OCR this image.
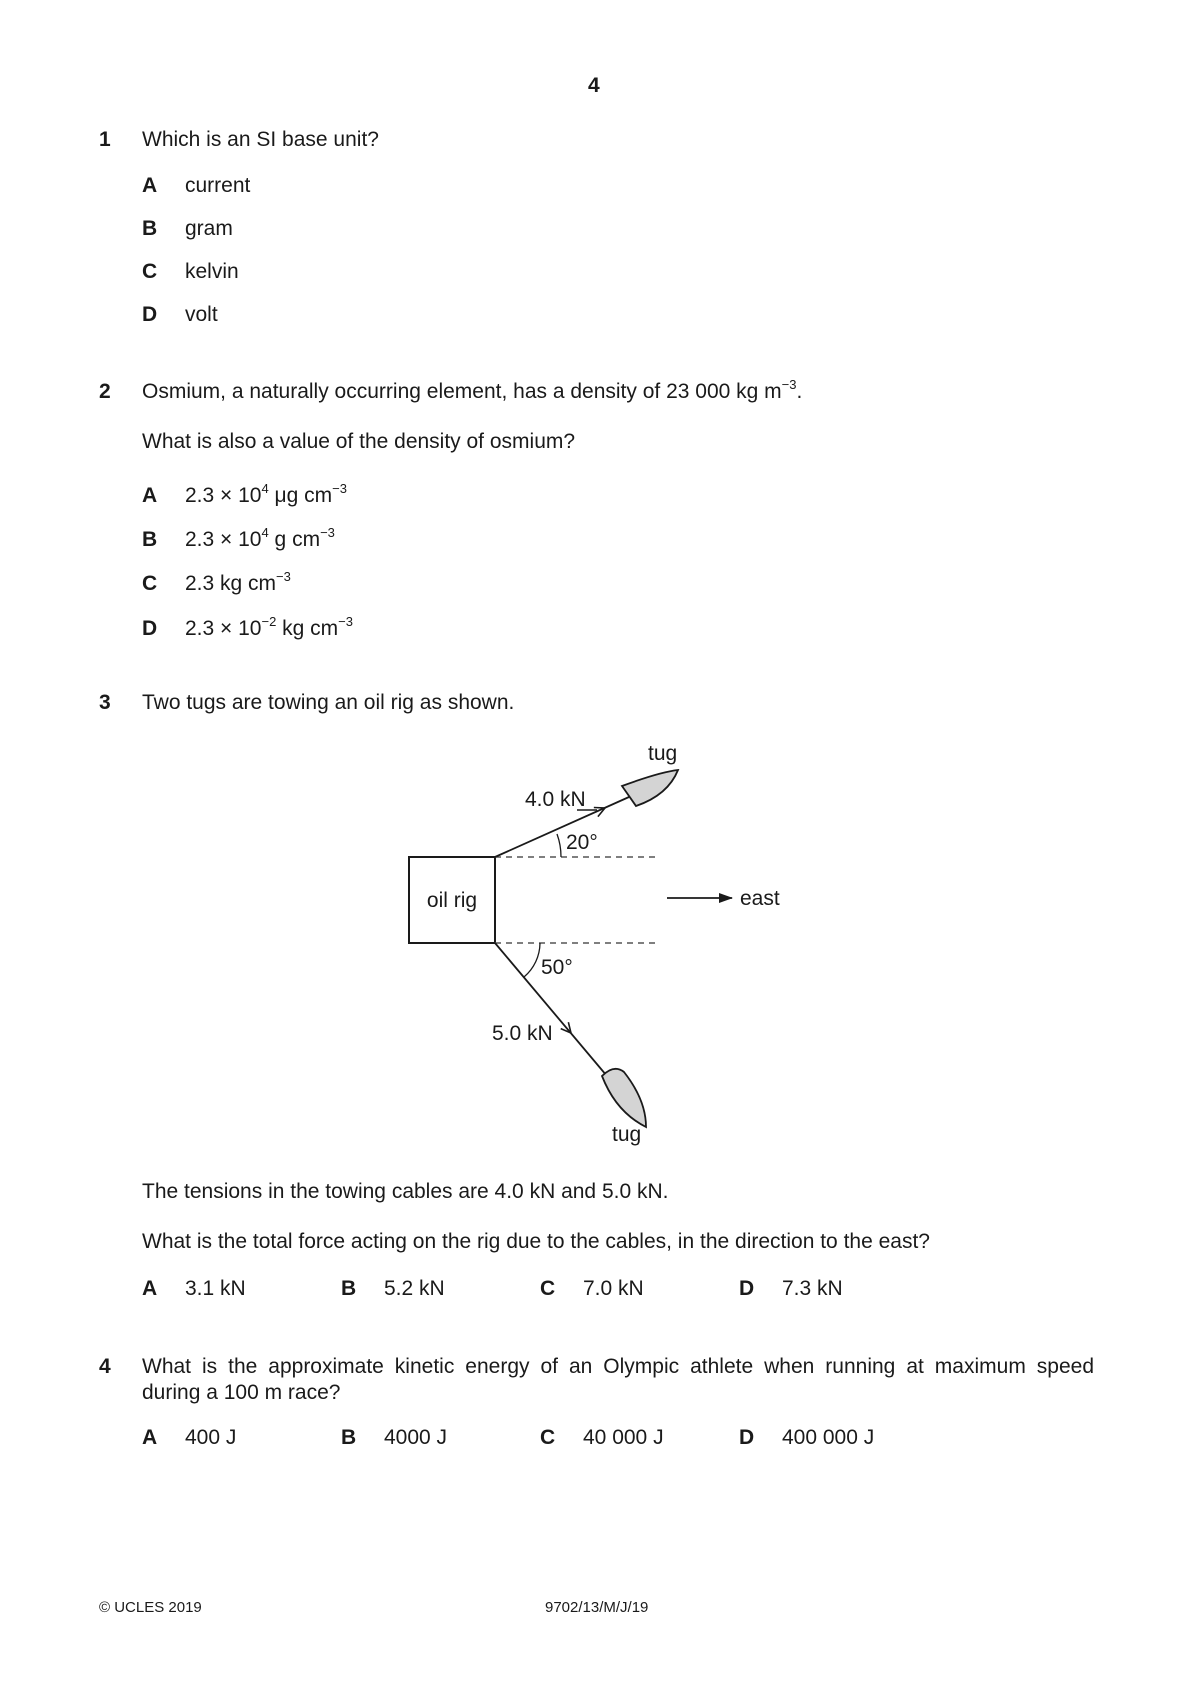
4
1 Which is an SI base unit?
A current
B gram
C kelvin
D volt
2 Osmium, a naturally occurring element, has a density of 23 000 kg $m^{-3}$.
What is also a value of the density of osmium?
A $2.3 \times 10^4$ μg $cm^{-3}$
B $2.3 \times 10^4$ g $cm^{-3}$
C 2.3 kg $cm^{-3}$
D $2.3 \times 10^{-2}$ kg $cm^{-3}$
3 Two tugs are towing an oil rig as shown.
oil rig
20°
4.0 kN
tug
50°
5.0 kN
tug
east
The tensions in the towing cables are 4.0 kN and 5.0 kN.
What is the total force acting on the rig due to the cables, in the direction to the east?
A 3.1 kN	B 5.2 kN	C 7.0 kN	D 7.3 kN
4 What is the approximate kinetic energy of an Olympic athlete when running at maximum speed
during a 100 m race?
A 400 J	B 4000 J	C 40 000 J	D 400 000 J
© UCLES 2019	9702/13/M/J/19
